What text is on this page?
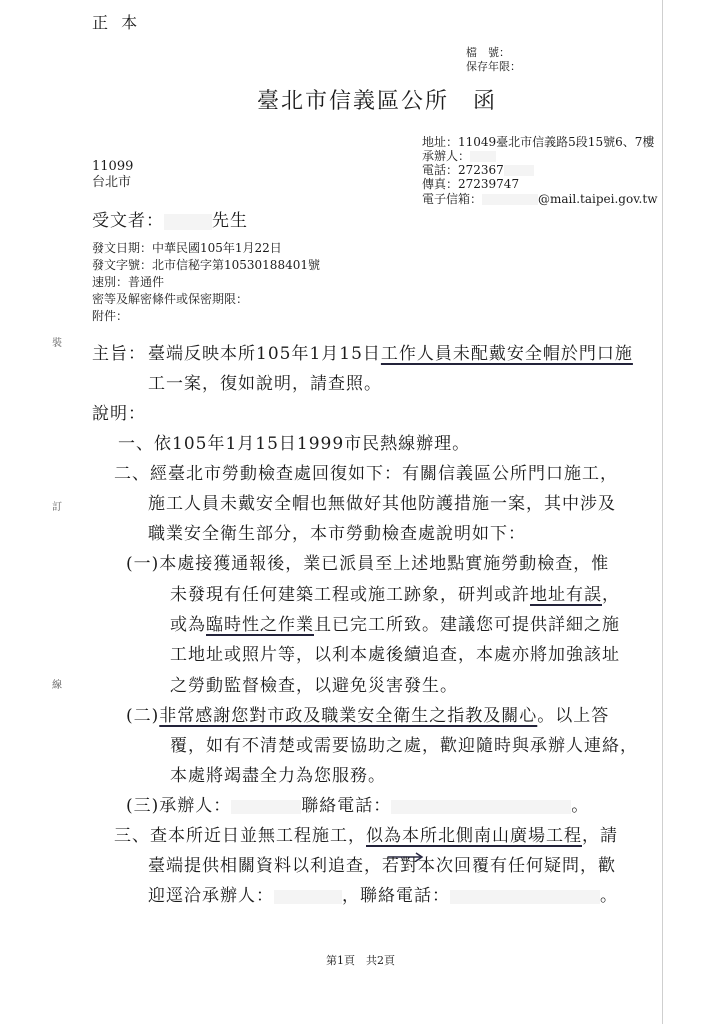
正 本
檔　號：
保存年限：
臺北市信義區公所　函
地址：11049臺北市信義路5段15號6、7樓
承辦人：
電話：272367
傳真：27239747
電子信箱：	@mail.taipei.gov.tw
11099
台北市
受文者：	先生
發文日期：中華民國105年1月22日
發文字號：北市信秘字第10530188401號
速別：普通件
密等及解密條件或保密期限：
附件：
裝
訂
線
主旨： 臺端反映本所105年1月15日工作人員未配戴安全帽於門口施
工一案，復如說明，請查照。
說明：
一、依105年1月15日1999市民熱線辦理。
二、經臺北市勞動檢查處回復如下：有關信義區公所門口施工，
施工人員未戴安全帽也無做好其他防護措施一案，其中涉及
職業安全衛生部分，本市勞動檢查處說明如下：
(一)本處接獲通報後，業已派員至上述地點實施勞動檢查，惟
未發現有任何建築工程或施工跡象，研判或許地址有誤，
或為臨時性之作業且已完工所致。建議您可提供詳細之施
工地址或照片等，以利本處後續追查，本處亦將加強該址
之勞動監督檢查，以避免災害發生。
(二)非常感謝您對市政及職業安全衛生之指教及關心。以上答
覆，如有不清楚或需要協助之處，歡迎隨時與承辦人連絡，
本處將竭盡全力為您服務。
(三)承辦人：	聯絡電話：	。
三、查本所近日並無工程施工，似為本所北側南山廣場工程，請
臺端提供相關資料以利追查，若對本次回覆有任何疑問，歡
迎逕洽承辦人：	，聯絡電話：	。
第1頁　共2頁
